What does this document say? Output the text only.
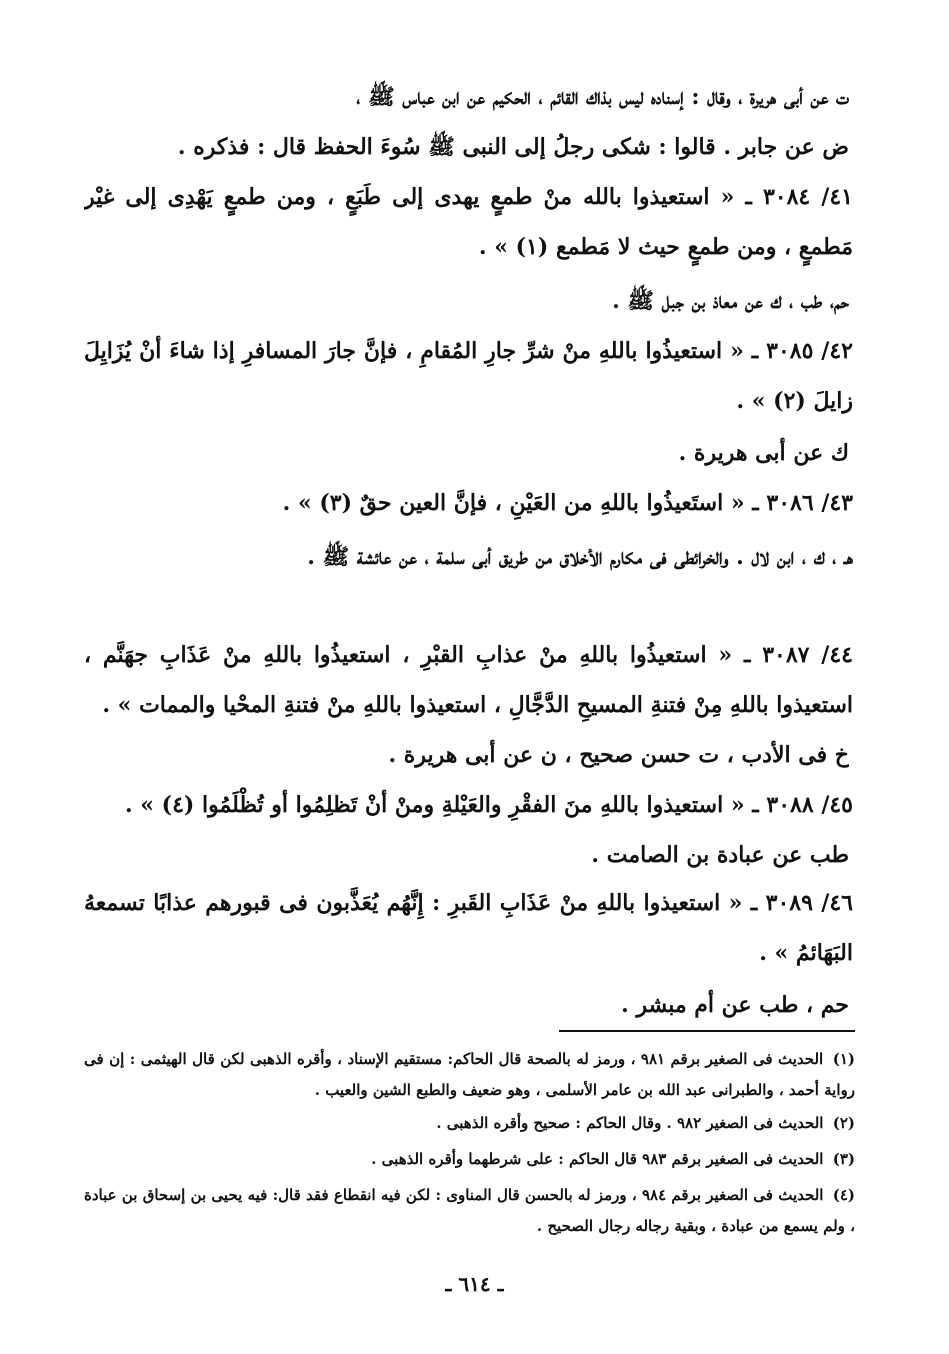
ت عن أبى هريرة ، وقال : إسناده ليس بذاك القائم ، الحكيم عن ابن عباس ﷺ ،
ض عن جابر . قالوا : شكى رجلُ إلى النبى ﷺ سُوءَ الحفظ قال : فذكره .
٤١/ ٣٠٨٤ ـ « استعيذوا بالله منْ طمعٍ يهدى إلى طَبَعٍ ، ومن طمعٍ يَهْدِى إلى غيْر مَطمعٍ ، ومن طمعٍ حيث لا مَطمع (١) » .
حم، طب ، ك عن معاذ بن جبل ﷺ .
٤٢/ ٣٠٨٥ ـ « استعيذُوا باللهِ منْ شرِّ جارِ المُقامِ ، فإنَّ جارَ المسافرِ إذا شاءَ أنْ يُزَايِلَ زايلَ (٢) » .
ك عن أبى هريرة .
٤٣/ ٣٠٨٦ ـ « استَعيذُوا باللهِ من العَيْنِ ، فإنَّ العين حقٌ (٣) » .
هـ ، ك ، ابن لال . والخرائطى فى مكارم الأخلاق من طريق أبى سلمة ، عن عائشة ﷺ .
٤٤/ ٣٠٨٧ ـ « استعيذُوا باللهِ منْ عذابِ القبْرِ ، استعيذُوا باللهِ منْ عَذَابِ جهَنَّم ، استعيذوا باللهِ مِنْ فتنةِ المسيحِ الدَّجَّالِ ، استعيذوا باللهِ منْ فتنةِ المحْيا والممات » .
خ فى الأدب ، ت حسن صحيح ، ن عن أبى هريرة .
٤٥/ ٣٠٨٨ ـ « استعيذوا باللهِ منَ الفقْرِ والعَيْلةِ ومنْ أنْ تَظلِمُوا أو تُظْلَمُوا (٤) » .
طب عن عبادة بن الصامت .
٤٦/ ٣٠٨٩ ـ « استعيذوا باللهِ منْ عَذَابِ القَبرِ : إِنَّهُم يُعَذَّبون فى قبورهم عذابًا تسمعهُ البَهَائمُ » .
حم ، طب عن أم مبشر .
(١) الحديث فى الصغير برقم ٩٨١ ، ورمز له بالصحة قال الحاكم: مستقيم الإسناد ، وأقره الذهبى لكن قال الهيثمى : إن فى رواية أحمد ، والطبرانى عبد الله بن عامر الأسلمى ، وهو ضعيف والطبع الشين والعيب .
(٢) الحديث فى الصغير ٩٨٢ . وقال الحاكم : صحيح وأقره الذهبى .
(٣) الحديث فى الصغير برقم ٩٨٣ قال الحاكم : على شرطهما وأقره الذهبى .
(٤) الحديث فى الصغير برقم ٩٨٤ ، ورمز له بالحسن قال المناوى : لكن فيه انقطاع فقد قال: فيه يحيى بن إسحاق بن عبادة ، ولم يسمع من عبادة ، وبقية رجاله رجال الصحيح .
ـ ٦١٤ ـ
